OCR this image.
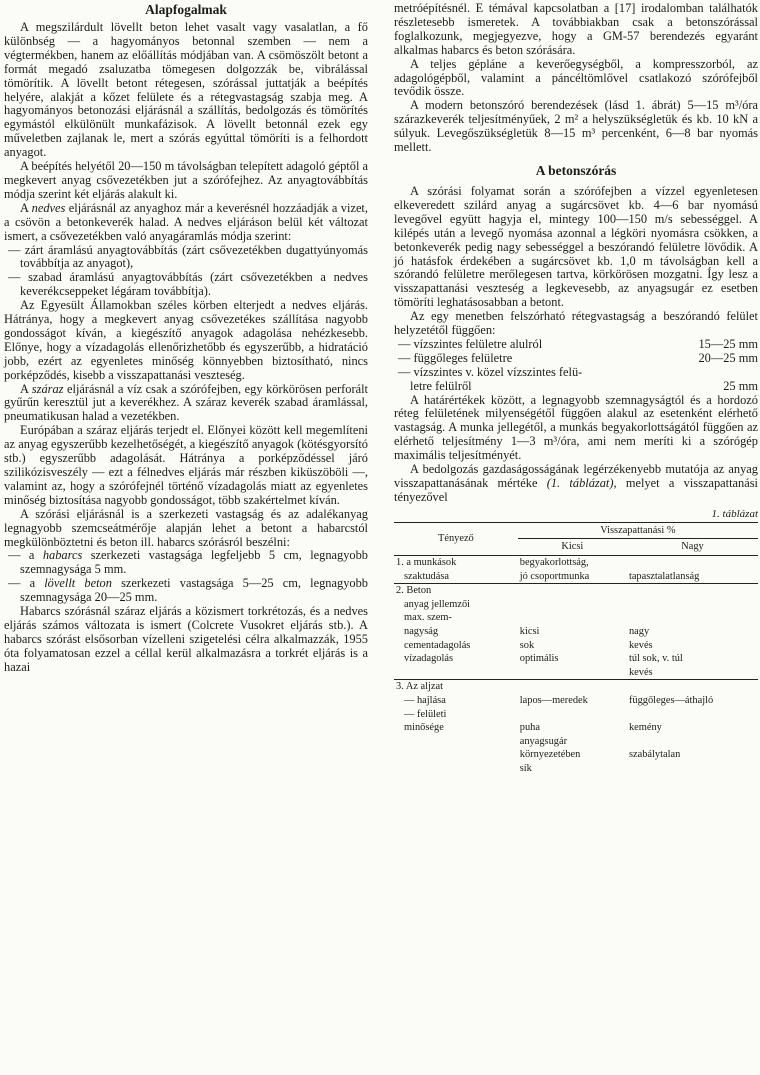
Alapfogalmak

A megszilárdult lövellt beton lehet vasalt vagy vasalatlan, a fő különbség — a hagyományos betonnal szemben — nem a végtermékben, hanem az előállítás módjában van. A csömöszölt betont a formát megadó zsaluzatba tömegesen dolgozzák be, vibrálással tömörítik. A lövellt betont rétegesen, szórással juttatják a beépítés helyére, alakját a kőzet felülete és a rétegvastagság szabja meg. A hagyományos betonozási eljárásnál a szállítás, bedolgozás és tömörítés egymástól elkülönült munkafázisok. A lövellt betonnál ezek egy műveletben zajlanak le, mert a szórás egyúttal tömöríti is a felhordott anyagot.

A beépítés helyétől 20—150 m távolságban telepített adagoló géptől a megkevert anyag csővezetékben jut a szórófejhez. Az anyagtovábbítás módja szerint két eljárás alakult ki.

A nedves eljárásnál az anyaghoz már a keverésnél hozzáadják a vizet, a csövön a betonkeverék halad. A nedves eljáráson belül két változat ismert, a csővezetékben való anyagáramlás módja szerint:

— zárt áramlású anyagtovábbítás (zárt csővezetékben dugattyúnyomás továbbítja az anyagot),
— szabad áramlású anyagtovábbítás (zárt csővezetékben a nedves keverékcseppeket légáram továbbítja).

Az Egyesült Államokban széles körben elterjedt a nedves eljárás. Hátránya, hogy a megkevert anyag csővezetékes szállítása nagyobb gondosságot kíván, a kiegészítő anyagok adagolása nehézkesebb. Előnye, hogy a vízadagolás ellenőrizhetőbb és egyszerűbb, a hidratáció jobb, ezért az egyenletes minőség könnyebben biztosítható, nincs porképződés, kisebb a visszapattanási veszteség.

A száraz eljárásnál a víz csak a szórófejben, egy körkörösen perforált gyűrűn keresztül jut a keverékhez. A száraz keverék szabad áramlással, pneumatikusan halad a vezetékben.

Európában a száraz eljárás terjedt el. Előnyei között kell megemlíteni az anyag egyszerűbb kezelhetőségét, a kiegészítő anyagok (kötésgyorsító stb.) egyszerűbb adagolását. Hátránya a porképződéssel járó szilikózisveszély — ezt a félnedves eljárás már részben kiküszöböli —, valamint az, hogy a szórófejnél történő vízadagolás miatt az egyenletes minőség biztosítása nagyobb gondosságot, több szakértelmet kíván.

A szórási eljárásnál is a szerkezeti vastagság és az adalékanyag legnagyobb szemcseátmérője alapján lehet a betont a habarcstól megkülönböztetni és beton ill. habarcs szórásról beszélni:

— a habarcs szerkezeti vastagsága legfeljebb 5 cm, legnagyobb szemnagysága 5 mm.
— a lövellt beton szerkezeti vastagsága 5—25 cm, legnagyobb szemnagysága 20—25 mm.

Habarcs szórásnál száraz eljárás a közismert torkrétozás, és a nedves eljárás számos változata is ismert (Colcrete Vusokret eljárás stb.). A habarcs szórást elsősorban vízelleni szigetelési célra alkalmazzák, 1955 óta folyamatosan ezzel a céllal kerül alkalmazásra a torkrét eljárás is a hazai

metróépítésnél. E témával kapcsolatban a [17] irodalomban találhatók részletesebb ismeretek. A továbbiakban csak a betonszórással foglalkozunk, megjegyezve, hogy a GM-57 berendezés egyaránt alkalmas habarcs és beton szórására.

A teljes gépláne a keverőegységből, a kompresszorból, az adagológépből, valamint a páncéltömlővel csatlakozó szórófejből tevődik össze.

A modern betonszóró berendezések (lásd 1. ábrát) 5—15 m³/óra szárazkeverék teljesítményűek, 2 m² a helyszükségletük és kb. 10 kN a súlyuk. Levegőszükségletük 8—15 m³ percenként, 6—8 bar nyomás mellett.

A betonszórás

A szórási folyamat során a szórófejben a vízzel egyenletesen elkeveredett szilárd anyag a sugárcsövet kb. 4—6 bar nyomású levegővel együtt hagyja el, mintegy 100—150 m/s sebességgel. A kilépés után a levegő nyomása azonnal a légköri nyomásra csökken, a betonkeverék pedig nagy sebességgel a beszórandó felületre lövődik. A jó hatásfok érdekében a sugárcsövet kb. 1,0 m távolságban kell a szórandó felületre merőlegesen tartva, körkörösen mozgatni. Így lesz a visszapattanási veszteség a legkevesebb, az anyagsugár ez esetben tömöríti leghatásosabban a betont.

Az egy menetben felszórható rétegvastagság a beszórandó felület helyzetétől függően:

— vízszintes felületre alulról	15—25 mm
— függőleges felületre	20—25 mm
— vízszintes v. közel vízszintes felü-
letre felülről	25 mm

A határértékek között, a legnagyobb szemnagyságtól és a hordozó réteg felületének milyenségétől függően alakul az esetenként elérhető vastagság. A munka jellegétől, a munkás begyakorlottságától függően az elérhető teljesítmény 1—3 m³/óra, ami nem meríti ki a szórógép maximális teljesítményét.

A bedolgozás gazdaságosságának legérzékenyebb mutatója az anyag visszapattanásának mértéke (1. táblázat), melyet a visszapattanási tényezővel

1. táblázat
Tényező	Visszapattanási %	
	Kicsi	Nagy
1. a munkások	begyakorlottság,	
szaktudása	jó csoportmunka	tapasztalatlanság
2. Beton		
anyag jellemzői		
max. szem-		
nagyság	kicsi	nagy
cementadagolás	sok	kevés
vízadagolás	optimális	túl sok, v. túl
		kevés
3. Az aljzat		
— hajlása	lapos—meredek	függőleges—áthajló
— felületi		
minősége	puha	kemény
	anyagsugár	
	környezetében	szabálytalan
	sík	
